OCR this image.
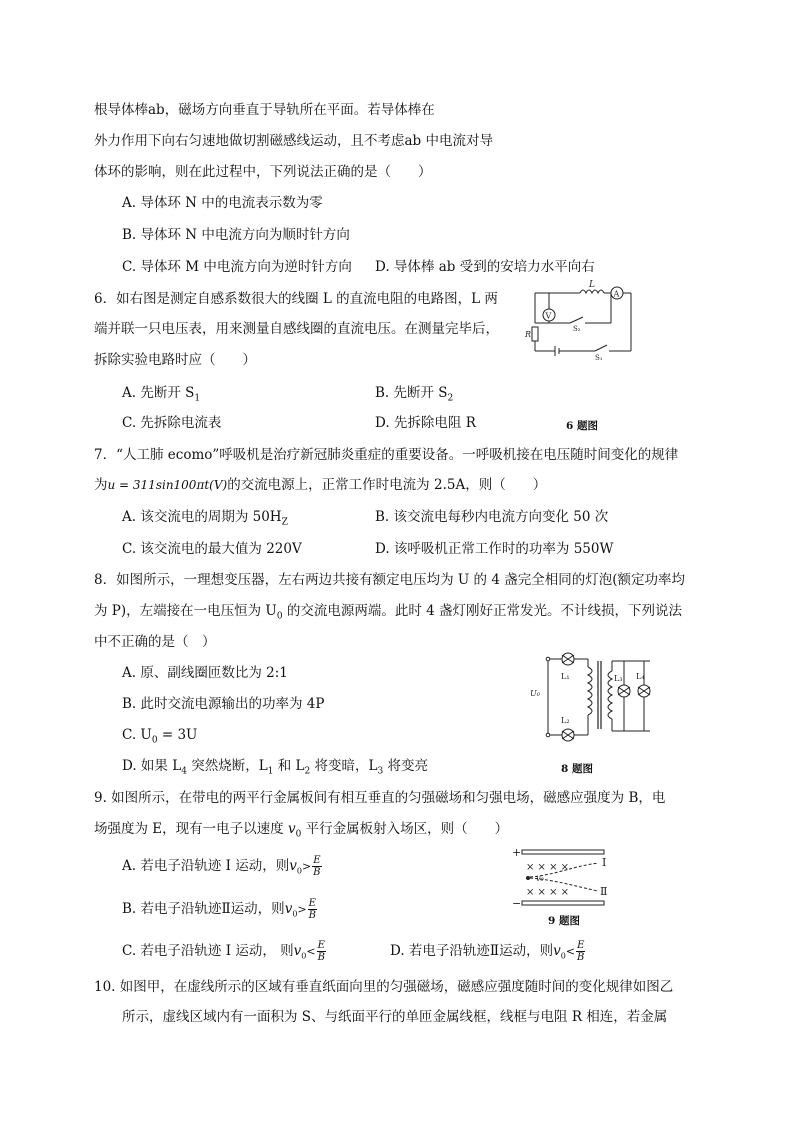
根导体棒ab，磁场方向垂直于导轨所在平面。若导体棒在
外力作用下向右匀速地做切割磁感线运动，且不考虑ab 中电流对导
体环的影响，则在此过程中，下列说法正确的是（　　）
A. 导体环 N 中的电流表示数为零
B. 导体环 N 中电流方向为顺时针方向
C. 导体环 M 中电流方向为逆时针方向 D. 导体棒 ab 受到的安培力水平向右
6．如右图是测定自感系数很大的线圈 L 的直流电阻的电路图，L 两
端并联一只电压表，用来测量自感线圈的直流电压。在测量完毕后，
拆除实验电路时应（　　）
A. 先断开 $S_1$	B. 先断开 $S_2$
C. 先拆除电流表	D. 先拆除电阻 R	6 题图
L
A
V
S₂
R
S₁
7．“人工肺 ecomo”呼吸机是治疗新冠肺炎重症的重要设备。一呼吸机接在电压随时间变化的规律
为u = 311sin100πt(V)的交流电源上，正常工作时电流为 2.5A，则（　　）
A. 该交流电的周期为 $50H_Z$	B. 该交流电每秒内电流方向变化 50 次
C. 该交流电的最大值为 220V	D. 该呼吸机正常工作时的功率为 550W
8．如图所示，一理想变压器，左右两边共接有额定电压均为 U 的 4 盏完全相同的灯泡(额定功率均
为 P)，左端接在一电压恒为 $U_0$ 的交流电源两端。此时 4 盏灯刚好正常发光。不计线损，下列说法
中不正确的是（　）
A. 原、副线圈匝数比为 2:1
B. 此时交流电源输出的功率为 4P
C. $U_0 = 3U$
D. 如果 $L_4$ 突然烧断，$L_1$ 和 $L_2$ 将变暗，$L_3$ 将变亮	8 题图
U₀
L₁
L₂
L₃ L₄
9. 如图所示，在带电的两平行金属板间有相互垂直的匀强磁场和匀强电场，磁感应强度为 B，电
场强度为 E，现有一电子以速度 $v_0$ 平行金属板射入场区，则（　　）
A. 若电子沿轨迹 I 运动，则$v_0> \frac{E}{B}$
B. 若电子沿轨迹Ⅱ运动，则$v_0> \frac{E}{B}$
C. 若电子沿轨迹 I 运动， 则$v_0< \frac{E}{B}$	D. 若电子沿轨迹Ⅱ运动，则$v_0< \frac{E}{B}$
9 题图
+
−
× × × ×
× × × ×
v₀
I
Ⅱ
10. 如图甲，在虚线所示的区域有垂直纸面向里的匀强磁场，磁感应强度随时间的变化规律如图乙
所示，虚线区域内有一面积为 S、与纸面平行的单匝金属线框，线框与电阻 R 相连，若金属
